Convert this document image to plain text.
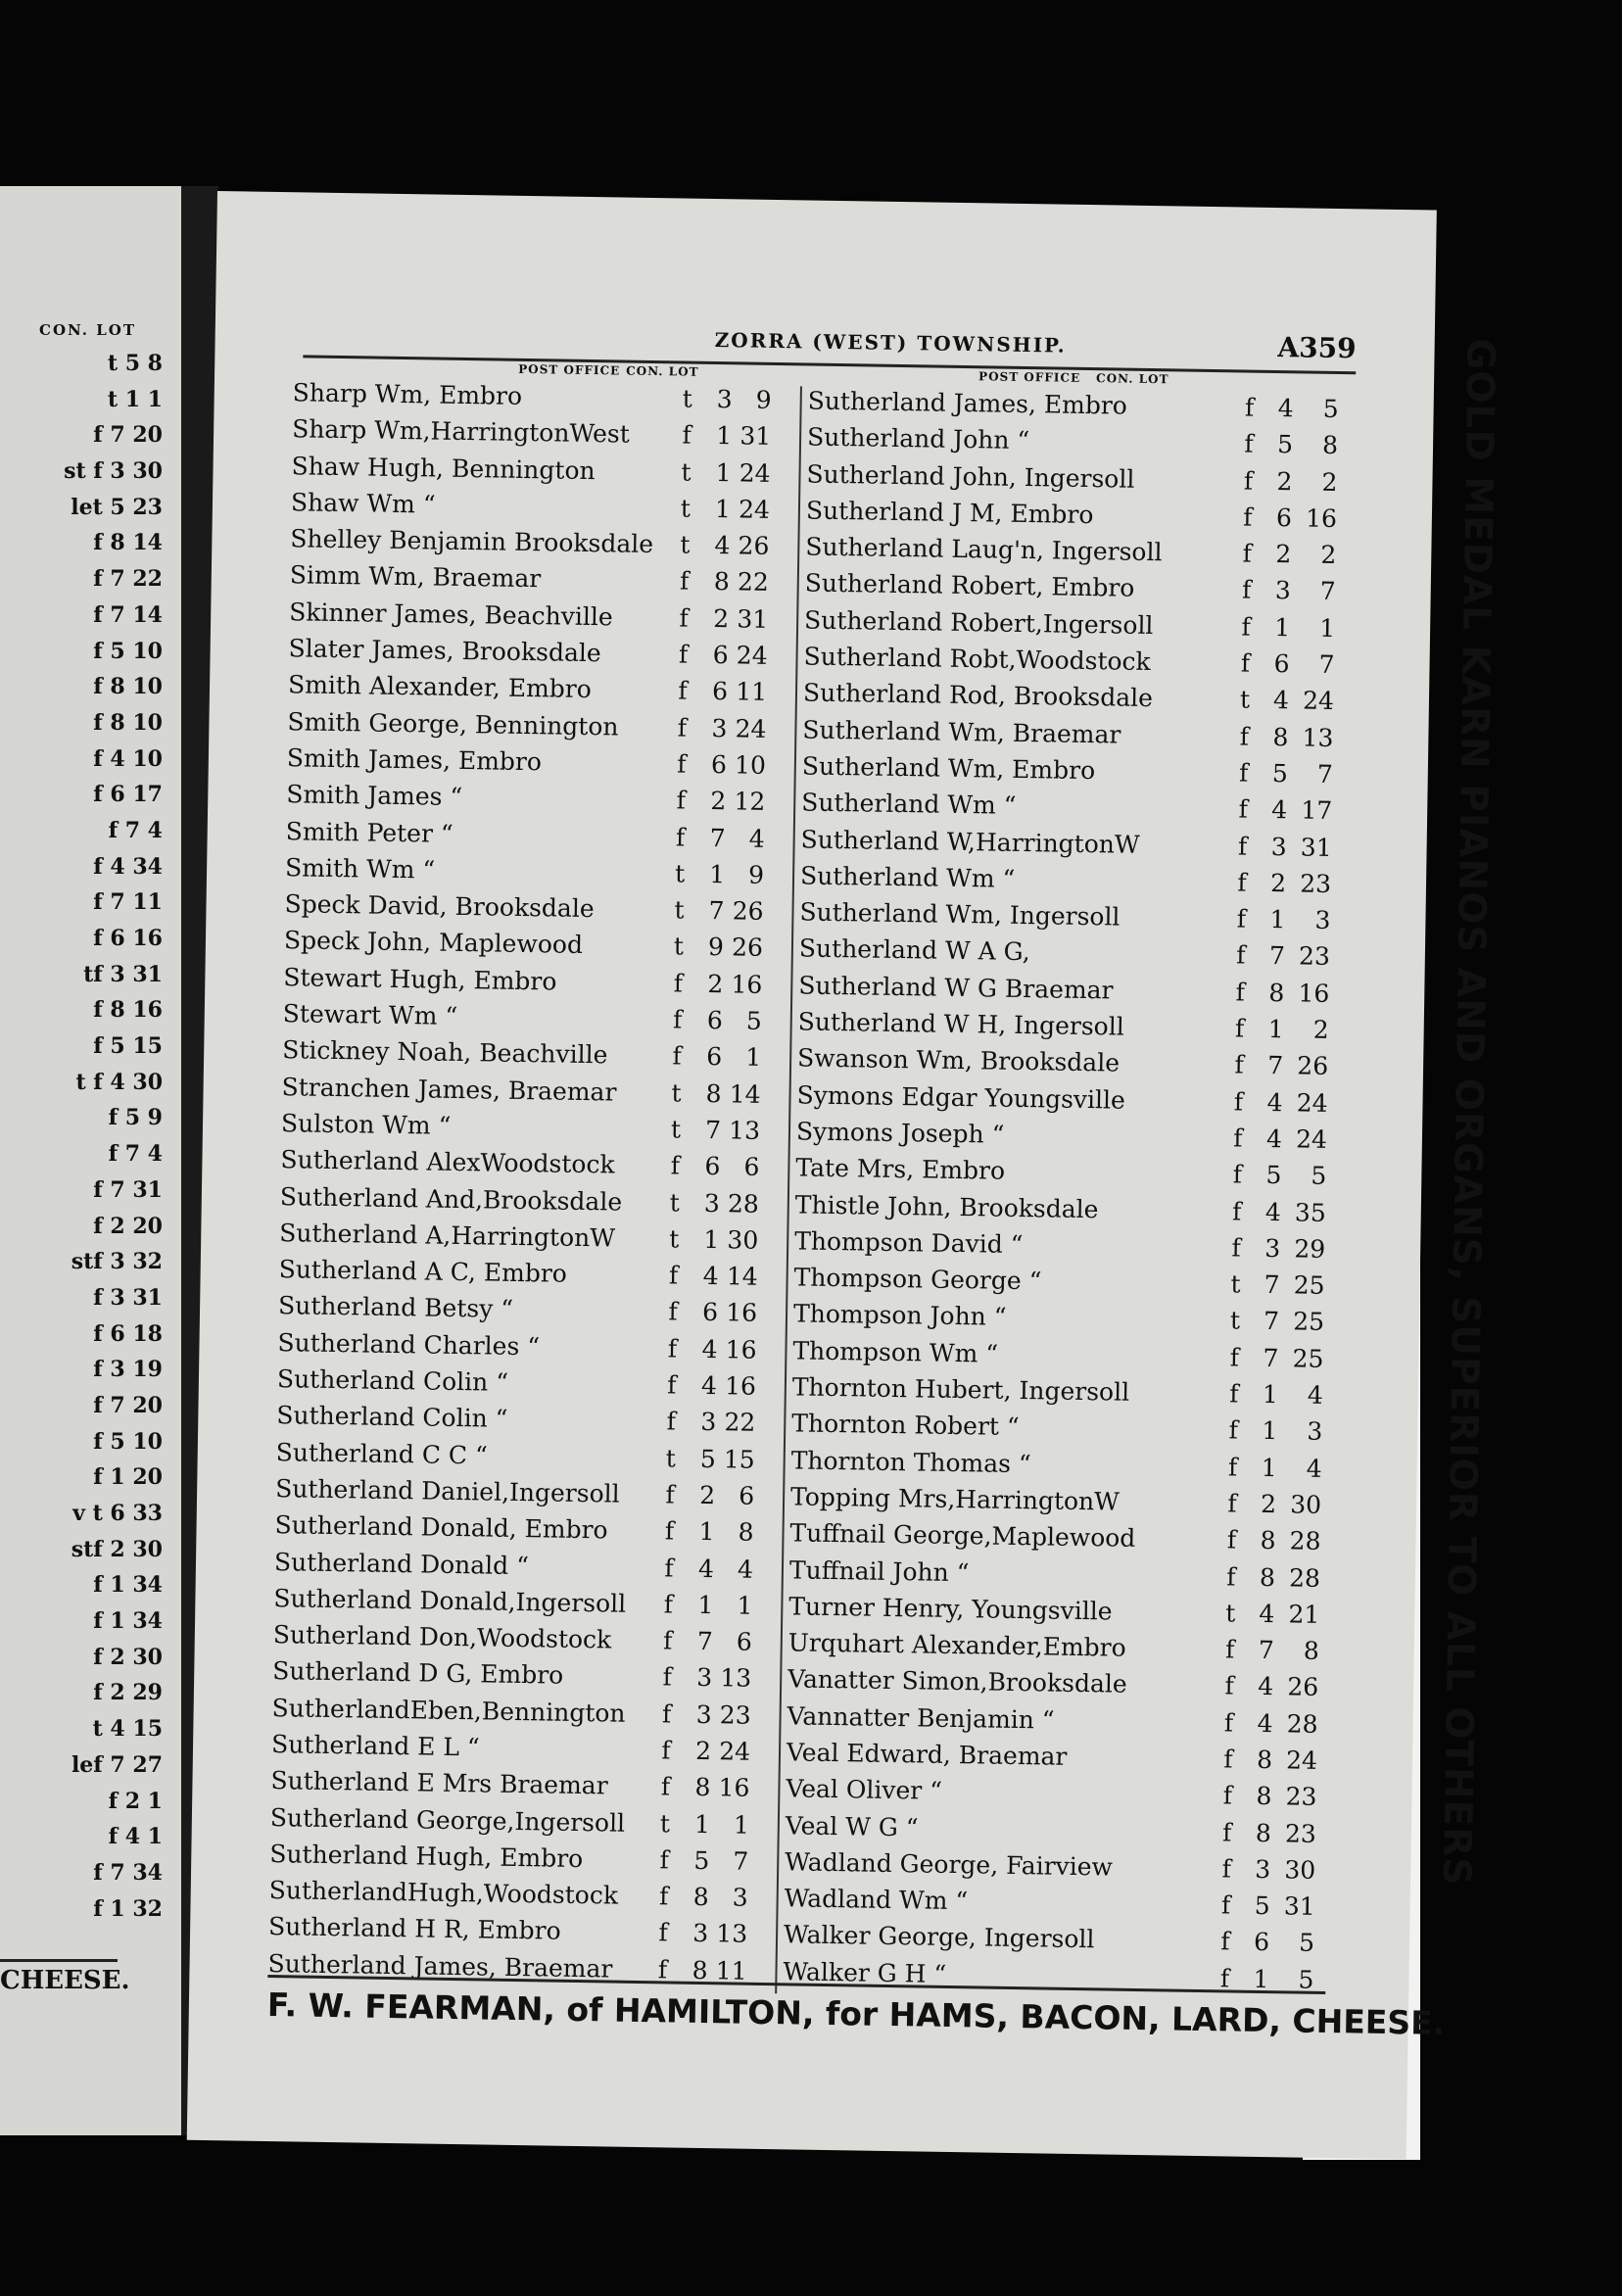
CON. LOT
t 5 8
t 1 1
f 7 20
st f 3 30
let 5 23
f 8 14
f 7 22
f 7 14
f 5 10
f 8 10
f 8 10
f 4 10
f 6 17
f 7 4
f 4 34
f 7 11
f 6 16
tf 3 31
f 8 16
f 5 15
t f 4 30
f 5 9
f 7 4
f 7 31
f 2 20
stf 3 32
f 3 31
f 6 18
f 3 19
f 7 20
f 5 10
f 1 20
v t 6 33
stf 2 30
f 1 34
f 1 34
f 2 30
f 2 29
t 4 15
lef 7 27
f 2 1
f 4 1
f 7 34
f 1 32
CHEESE.
ZORRA (WEST) TOWNSHIP.	A359
POST OFFICE CON. LOT	POST OFFICE CON. LOT
Sharp Wm, Embro	t 3 9
Sharp Wm,HarringtonWest f	1 31
Shaw Hugh, Bennington	t 1 24
Shaw Wm “	t 1 24
Shelley Benjamin Brooksdale t 4 26
Simm Wm, Braemar	f	8 22
Skinner James, Beachville	f	2 31
Slater James, Brooksdale	f	6 24
Smith Alexander, Embro	f	6 11
Smith George, Bennington f	3 24
Smith James, Embro	f	6 10
Smith James “	f	2 12
Smith Peter “	f	7 4
Smith Wm “	t 1 9
Speck David, Brooksdale	t 7 26
Speck John, Maplewood	t 9 26
Stewart Hugh, Embro	f	2 16
Stewart Wm “	f	6 5
Stickney Noah, Beachville	f	6 1
Stranchen James, Braemar t 8 14
Sulston Wm “	t 7 13
Sutherland AlexWoodstock f	6 6
Sutherland And,Brooksdale t 3 28
Sutherland A,HarringtonW t 1 30
Sutherland A C, Embro	f	4 14
Sutherland Betsy “	f	6 16
Sutherland Charles “	f	4 16
Sutherland Colin “	f	4 16
Sutherland Colin “	f	3 22
Sutherland C C “	t 5 15
Sutherland Daniel,Ingersoll f	2 6
Sutherland Donald, Embro f	1 8
Sutherland Donald “	f	4 4
Sutherland Donald,Ingersoll f	1 1
Sutherland Don,Woodstock f	7 6
Sutherland D G, Embro	f	3 13
SutherlandEben,Bennington f	3 23
Sutherland E L “	f	2 24
Sutherland E Mrs Braemar f	8 16
Sutherland George,Ingersoll t 1 1
Sutherland Hugh, Embro	f	5 7
SutherlandHugh,Woodstock f	8 3
Sutherland H R, Embro	f	3 13
Sutherland James, Braemar f	8 11
Sutherland James, Embro	f 4	5
Sutherland John “	f 5	8
Sutherland John, Ingersoll	f 2	2
Sutherland J M, Embro	f 6 16
Sutherland Laug'n, Ingersoll	f 2	2
Sutherland Robert, Embro	f 3	7
Sutherland Robert,Ingersoll	f 1	1
Sutherland Robt,Woodstock	f 6	7
Sutherland Rod, Brooksdale	t 4 24
Sutherland Wm, Braemar	f 8 13
Sutherland Wm, Embro	f 5	7
Sutherland Wm “	f 4 17
Sutherland W,HarringtonW	f 3 31
Sutherland Wm “	f 2 23
Sutherland Wm, Ingersoll	f 1	3
Sutherland W A G,	f 7 23
Sutherland W G Braemar	f 8 16
Sutherland W H, Ingersoll	f 1	2
Swanson Wm, Brooksdale	f 7 26
Symons Edgar Youngsville	f 4 24
Symons Joseph “	f 4 24
Tate Mrs, Embro	f 5	5
Thistle John, Brooksdale	f 4 35
Thompson David “	f 3 29
Thompson George “	t 7 25
Thompson John “	t 7 25
Thompson Wm “	f 7 25
Thornton Hubert, Ingersoll	f 1	4
Thornton Robert “	f 1	3
Thornton Thomas “	f 1	4
Topping Mrs,HarringtonW	f 2 30
Tuffnail George,Maplewood	f 8 28
Tuffnail John “	f 8 28
Turner Henry, Youngsville	t 4 21
Urquhart Alexander,Embro	f 7	8
Vanatter Simon,Brooksdale	f 4 26
Vannatter Benjamin “	f 4 28
Veal Edward, Braemar	f 8 24
Veal Oliver “	f 8 23
Veal W G “	f 8 23
Wadland George, Fairview	f 3 30
Wadland Wm “	f 5 31
Walker George, Ingersoll	f 6	5
Walker G H “	f 1	5
GOLD MEDAL KARN PIANOS AND ORGANS, SUPERIOR TO ALL OTHERS
F. W. FEARMAN, of HAMILTON, for HAMS, BACON, LARD, CHEESE.
